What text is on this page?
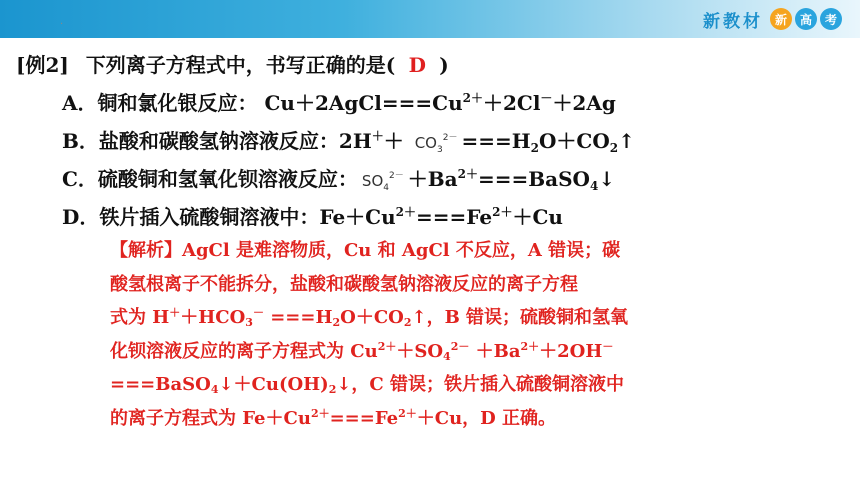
.	新教材 新	高	考
[例2] 下列离子方程式中，书写正确的是( D )
A．铜和氯化银反应： $Cu+2AgCl===Cu^{2+}+2Cl^-+2Ag$
B．盐酸和碳酸氢钠溶液反应：$2H^++ CO_3^{2-}$ $===H_2O+CO_2↑$
C．硫酸铜和氢氧化钡溶液反应： $SO_4^{2-}$ $+Ba^{2+}===BaSO_4↓$
D．铁片插入硫酸铜溶液中：$Fe+Cu^{2+}===Fe^{2+}+Cu$

【解析】AgCl 是难溶物质，Cu 和 AgCl 不反应，A 错误；碳

酸氢根离子不能拆分，盐酸和碳酸氢钠溶液反应的离子方程

式为 $H^++HCO_3^-$ $===H_2O+CO_2↑$，B 错误；硫酸铜和氢氧

化钡溶液反应的离子方程式为 $Cu^{2+}+SO_4^{2-} +Ba^{2+}+2OH^-$

$===BaSO_4↓+Cu(OH)_2↓$，C 错误；铁片插入硫酸铜溶液中

的离子方程式为 $Fe+Cu^{2+}===Fe^{2+}+Cu$，D 正确。
